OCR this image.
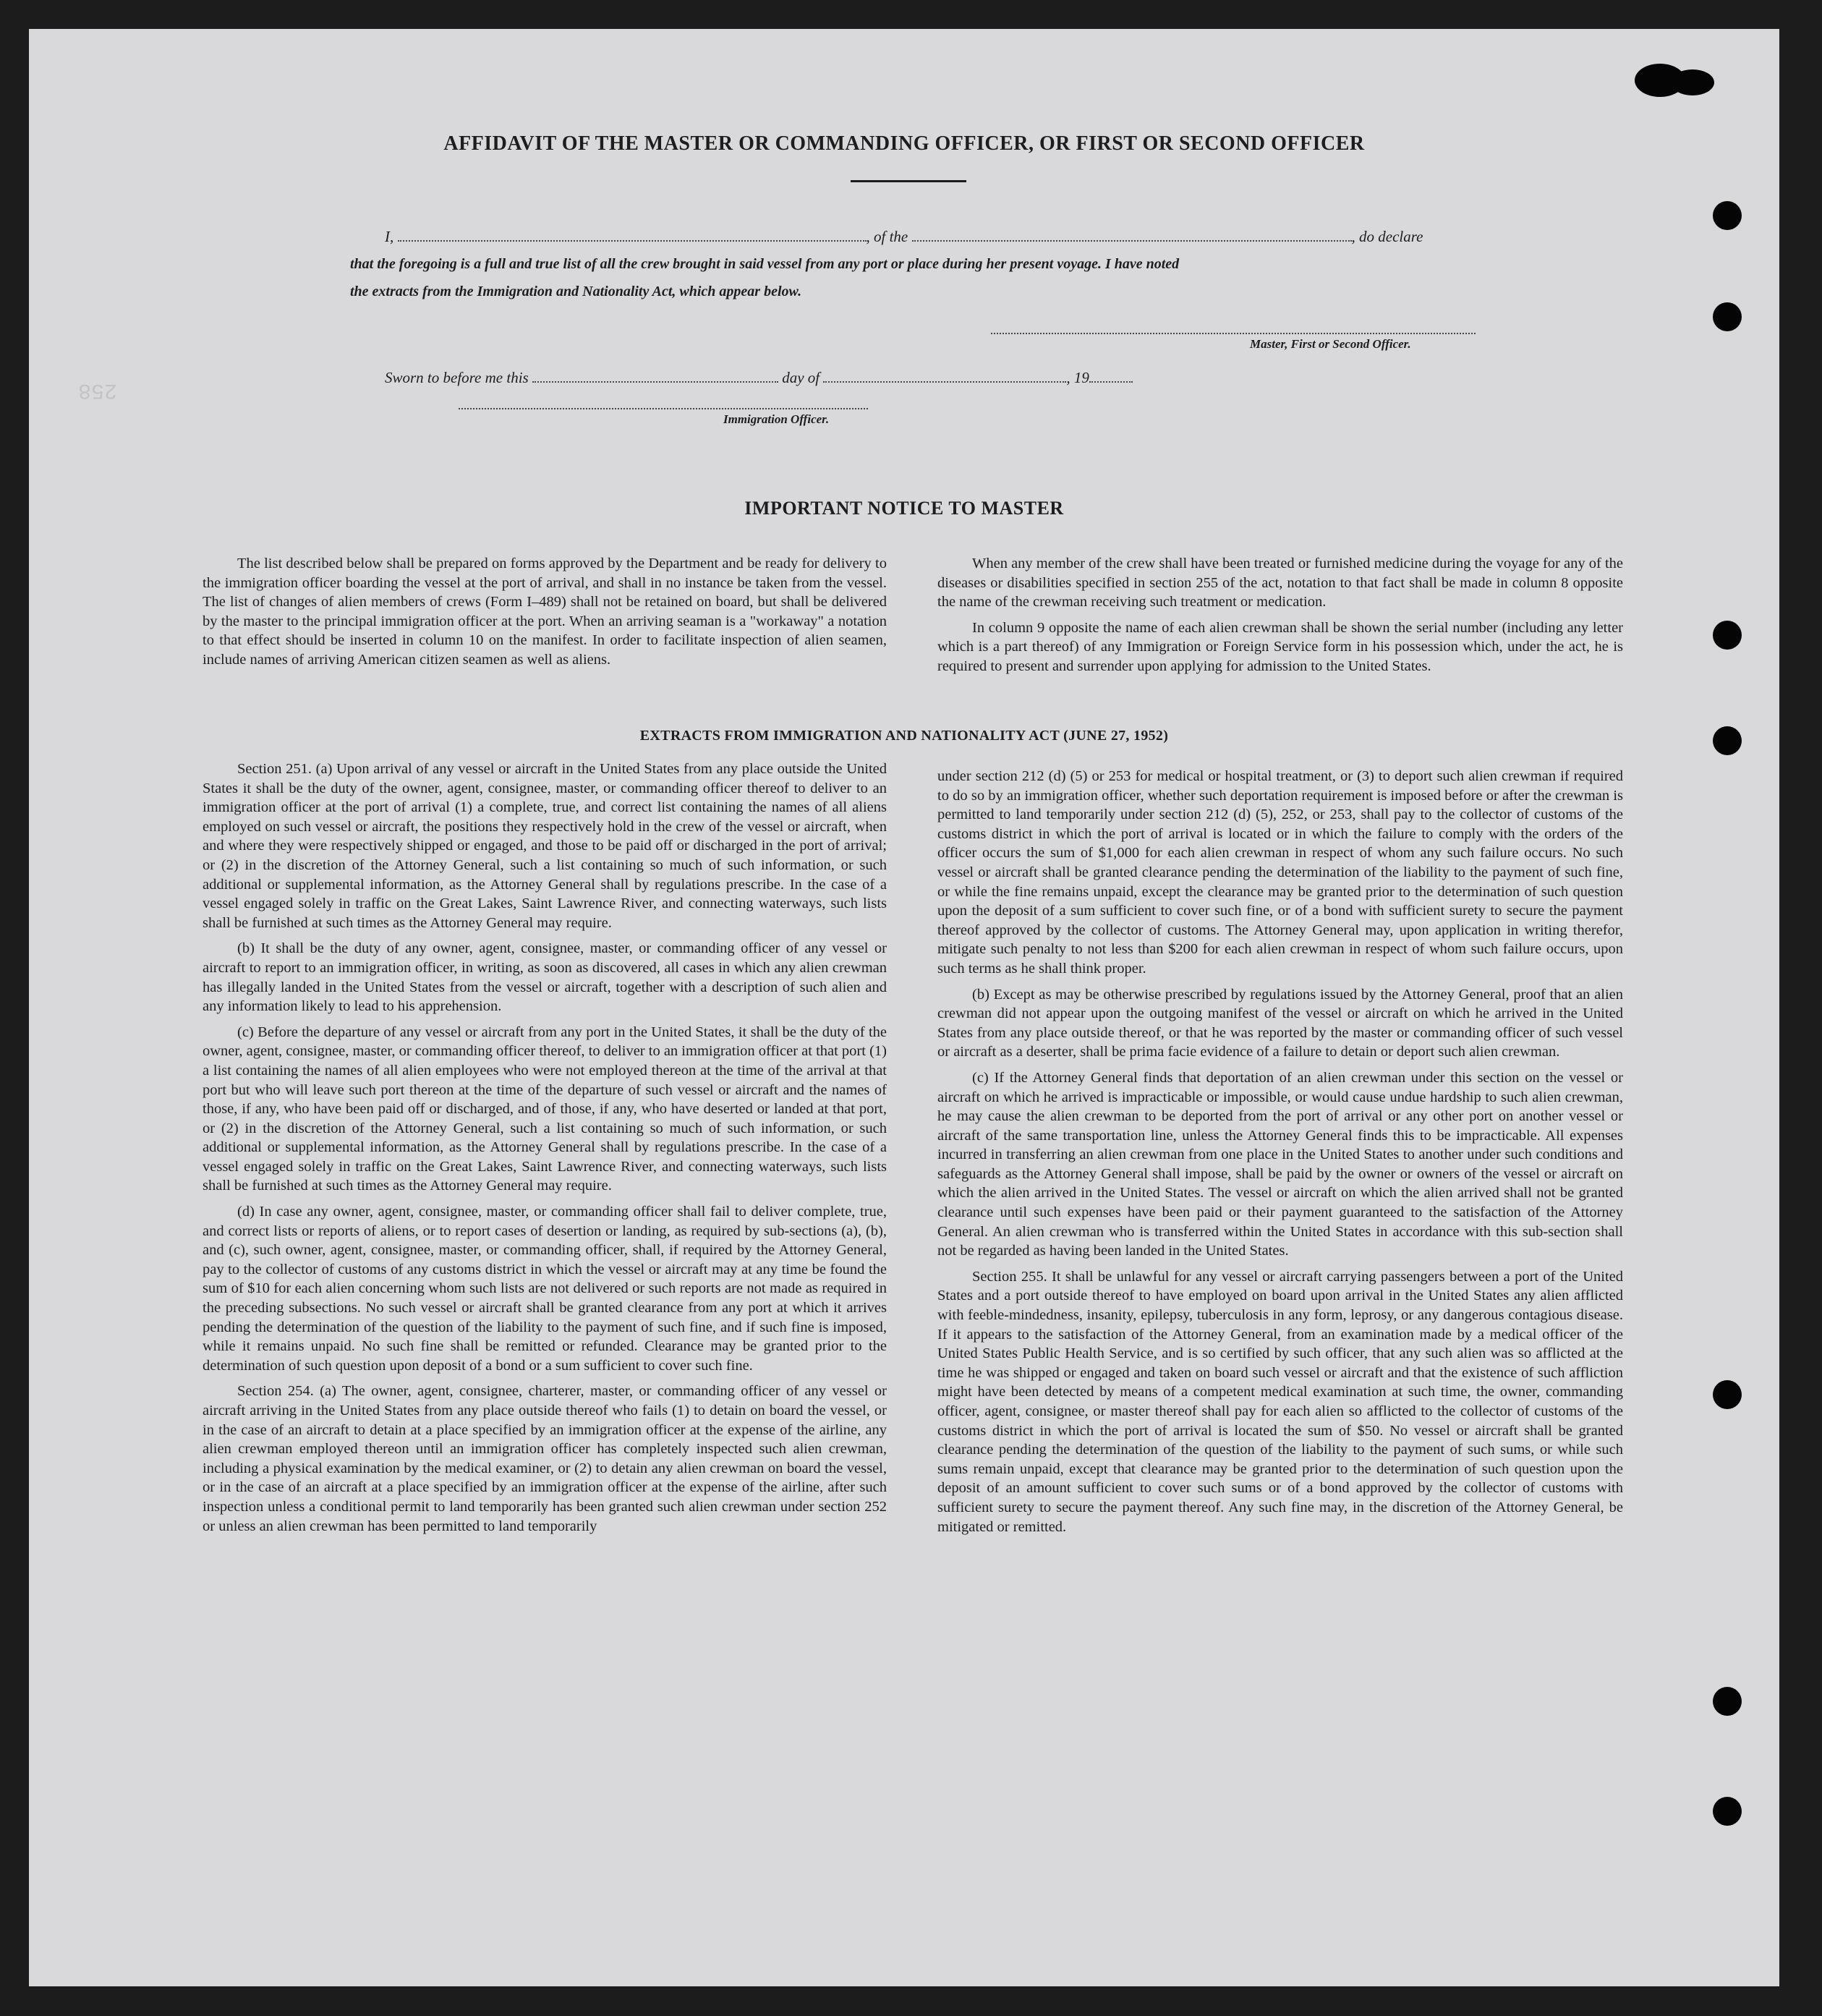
258
AFFIDAVIT OF THE MASTER OR COMMANDING OFFICER, OR FIRST OR SECOND OFFICER
I,	, of the	, do declare
that the foregoing is a full and true list of all the crew brought in said vessel from any port or place during her present voyage. I have noted
the extracts from the Immigration and Nationality Act, which appear below.
Master, First or Second Officer.
Sworn to before me this	day of	, 19
Immigration Officer.
IMPORTANT NOTICE TO MASTER

The list described below shall be prepared on forms approved by the Department and be ready for delivery to the immigration officer boarding the vessel at the port of arrival, and shall in no instance be taken from the vessel. The list of changes of alien members of crews (Form I–489) shall not be retained on board, but shall be delivered by the master to the principal immigration officer at the port. When an arriving seaman is a "workaway" a notation to that effect should be inserted in column 10 on the manifest. In order to facilitate inspection of alien seamen, include names of arriving American citizen seamen as well as aliens.

When any member of the crew shall have been treated or furnished medicine during the voyage for any of the diseases or disabilities specified in section 255 of the act, notation to that fact shall be made in column 8 opposite the name of the crewman receiving such treatment or medication.

In column 9 opposite the name of each alien crewman shall be shown the serial number (including any letter which is a part thereof) of any Immigration or Foreign Service form in his possession which, under the act, he is required to present and surrender upon applying for admission to the United States.

EXTRACTS FROM IMMIGRATION AND NATIONALITY ACT (JUNE 27, 1952)

Section 251. (a) Upon arrival of any vessel or aircraft in the United States from any place outside the United States it shall be the duty of the owner, agent, consignee, master, or commanding officer thereof to deliver to an immigration officer at the port of arrival (1) a complete, true, and correct list containing the names of all aliens employed on such vessel or aircraft, the positions they respectively hold in the crew of the vessel or aircraft, when and where they were respectively shipped or engaged, and those to be paid off or discharged in the port of arrival; or (2) in the discretion of the Attorney General, such a list containing so much of such information, or such additional or supplemental information, as the Attorney General shall by regulations prescribe. In the case of a vessel engaged solely in traffic on the Great Lakes, Saint Lawrence River, and connecting waterways, such lists shall be furnished at such times as the Attorney General may require.

(b) It shall be the duty of any owner, agent, consignee, master, or commanding officer of any vessel or aircraft to report to an immigration officer, in writing, as soon as discovered, all cases in which any alien crewman has illegally landed in the United States from the vessel or aircraft, together with a description of such alien and any information likely to lead to his apprehension.

(c) Before the departure of any vessel or aircraft from any port in the United States, it shall be the duty of the owner, agent, consignee, master, or commanding officer thereof, to deliver to an immigration officer at that port (1) a list containing the names of all alien employees who were not employed thereon at the time of the arrival at that port but who will leave such port thereon at the time of the departure of such vessel or aircraft and the names of those, if any, who have been paid off or discharged, and of those, if any, who have deserted or landed at that port, or (2) in the discretion of the Attorney General, such a list containing so much of such information, or such additional or supplemental information, as the Attorney General shall by regulations prescribe. In the case of a vessel engaged solely in traffic on the Great Lakes, Saint Lawrence River, and connecting waterways, such lists shall be furnished at such times as the Attorney General may require.

(d) In case any owner, agent, consignee, master, or commanding officer shall fail to deliver complete, true, and correct lists or reports of aliens, or to report cases of desertion or landing, as required by sub-sections (a), (b), and (c), such owner, agent, consignee, master, or commanding officer, shall, if required by the Attorney General, pay to the collector of customs of any customs district in which the vessel or aircraft may at any time be found the sum of $10 for each alien concerning whom such lists are not delivered or such reports are not made as required in the preceding subsections. No such vessel or aircraft shall be granted clearance from any port at which it arrives pending the determination of the question of the liability to the payment of such fine, and if such fine is imposed, while it remains unpaid. No such fine shall be remitted or refunded. Clearance may be granted prior to the determination of such question upon deposit of a bond or a sum sufficient to cover such fine.

Section 254. (a) The owner, agent, consignee, charterer, master, or commanding officer of any vessel or aircraft arriving in the United States from any place outside thereof who fails (1) to detain on board the vessel, or in the case of an aircraft to detain at a place specified by an immigration officer at the expense of the airline, any alien crewman employed thereon until an immigration officer has completely inspected such alien crewman, including a physical examination by the medical examiner, or (2) to detain any alien crewman on board the vessel, or in the case of an aircraft at a place specified by an immigration officer at the expense of the airline, after such inspection unless a conditional permit to land temporarily has been granted such alien crewman under section 252 or unless an alien crewman has been permitted to land temporarily

under section 212 (d) (5) or 253 for medical or hospital treatment, or (3) to deport such alien crewman if required to do so by an immigration officer, whether such deportation requirement is imposed before or after the crewman is permitted to land temporarily under section 212 (d) (5), 252, or 253, shall pay to the collector of customs of the customs district in which the port of arrival is located or in which the failure to comply with the orders of the officer occurs the sum of $1,000 for each alien crewman in respect of whom any such failure occurs. No such vessel or aircraft shall be granted clearance pending the determination of the liability to the payment of such fine, or while the fine remains unpaid, except the clearance may be granted prior to the determination of such question upon the deposit of a sum sufficient to cover such fine, or of a bond with sufficient surety to secure the payment thereof approved by the collector of customs. The Attorney General may, upon application in writing therefor, mitigate such penalty to not less than $200 for each alien crewman in respect of whom such failure occurs, upon such terms as he shall think proper.

(b) Except as may be otherwise prescribed by regulations issued by the Attorney General, proof that an alien crewman did not appear upon the outgoing manifest of the vessel or aircraft on which he arrived in the United States from any place outside thereof, or that he was reported by the master or commanding officer of such vessel or aircraft as a deserter, shall be prima facie evidence of a failure to detain or deport such alien crewman.

(c) If the Attorney General finds that deportation of an alien crewman under this section on the vessel or aircraft on which he arrived is impracticable or impossible, or would cause undue hardship to such alien crewman, he may cause the alien crewman to be deported from the port of arrival or any other port on another vessel or aircraft of the same transportation line, unless the Attorney General finds this to be impracticable. All expenses incurred in transferring an alien crewman from one place in the United States to another under such conditions and safeguards as the Attorney General shall impose, shall be paid by the owner or owners of the vessel or aircraft on which the alien arrived in the United States. The vessel or aircraft on which the alien arrived shall not be granted clearance until such expenses have been paid or their payment guaranteed to the satisfaction of the Attorney General. An alien crewman who is transferred within the United States in accordance with this sub-section shall not be regarded as having been landed in the United States.

Section 255. It shall be unlawful for any vessel or aircraft carrying passengers between a port of the United States and a port outside thereof to have employed on board upon arrival in the United States any alien afflicted with feeble-mindedness, insanity, epilepsy, tuberculosis in any form, leprosy, or any dangerous contagious disease. If it appears to the satisfaction of the Attorney General, from an examination made by a medical officer of the United States Public Health Service, and is so certified by such officer, that any such alien was so afflicted at the time he was shipped or engaged and taken on board such vessel or aircraft and that the existence of such affliction might have been detected by means of a competent medical examination at such time, the owner, commanding officer, agent, consignee, or master thereof shall pay for each alien so afflicted to the collector of customs of the customs district in which the port of arrival is located the sum of $50. No vessel or aircraft shall be granted clearance pending the determination of the question of the liability to the payment of such sums, or while such sums remain unpaid, except that clearance may be granted prior to the determination of such question upon the deposit of an amount sufficient to cover such sums or of a bond approved by the collector of customs with sufficient surety to secure the payment thereof. Any such fine may, in the discretion of the Attorney General, be mitigated or remitted.
